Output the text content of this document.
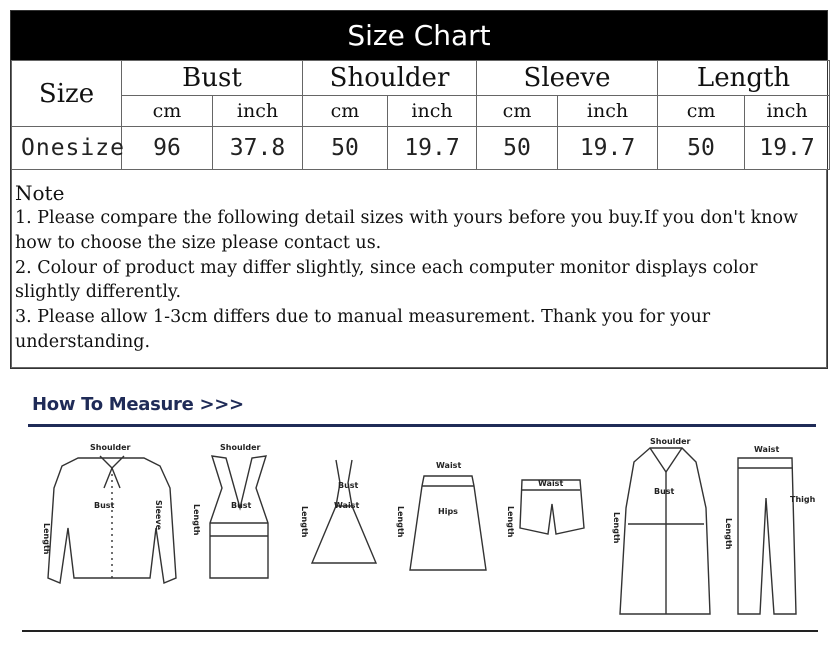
Size Chart
Size	Bust		Shoulder		Sleeve		Length	
	cm	inch	cm	inch	cm	inch	cm	inch
Onesize	96	37.8	50	19.7	50	19.7	50	19.7
Note
1. Please compare the following detail sizes with yours before you buy.If you don't know how to choose the size please contact us.
2. Colour of product may differ slightly, since each computer monitor displays color slightly differently.
3. Please allow 1-3cm differs due to manual measurement. Thank you for your understanding.
How To Measure >>>
Shoulder
Bust
Length
Sleeve
Shoulder
Bust
Length
Bust
Waist
Length
Waist
Hips
Length
Waist
Length
Shoulder
Bust
Length
Waist
Thigh
Length
